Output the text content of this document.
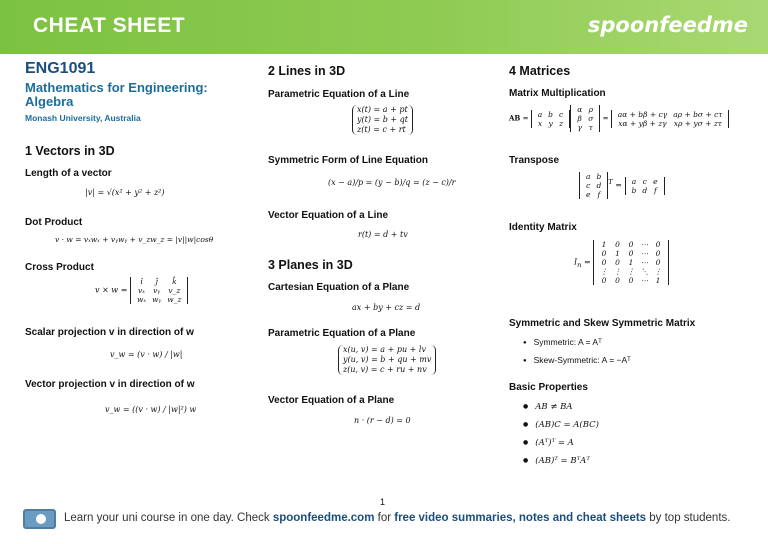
CHEAT SHEET	spoonfeedme
ENG1091
Mathematics for Engineering: Algebra
Monash University, Australia
1 Vectors in 3D
Length of a vector
|v| = √(x² + y² + z²)
Dot Product
v · w = vₓwₓ + vᵧwᵧ + v_zw_z = |v||w|cosθ
Cross Product
v × w =
î	ĵ	k̂
vₓ	vᵧ	v_z
wₓ	wᵧ	w_z
Scalar projection v in direction of w
v_w = (v · w) / |w|
Vector projection v in direction of w
v_w = ((v · w) / |w|²) w
2 Lines in 3D
Parametric Equation of a Line
x(t) = a + pt
y(t) = b + qt
z(t) = c + rt
Symmetric Form of Line Equation
(x − a)/p = (y − b)/q = (z − c)/r
Vector Equation of a Line
r(t) = d + tv
3 Planes in 3D
Cartesian Equation of a Plane
ax + by + cz = d
Parametric Equation of a Plane
x(u, v) = a + pu + lv
y(u, v) = b + qu + mv
z(u, v) = c + ru + nv
Vector Equation of a Plane
n · (r − d) = 0
4 Matrices
Matrix Multiplication
AB = a	b	c
x	y	z
α	ρ
β	σ
γ	τ
= aα + bβ + cγ	aρ + bσ + cτ
xα + yβ + zγ	xρ + yσ + zτ
Transpose
a	b
c	d
e	f
$^T$ = a	c	e
b	d	f
Identity Matrix
$I_n$ =
1	0	0	⋯	0
0	1	0	⋯	0
0	0	1	⋯	0
⋮	⋮	⋮	⋱	⋮
0	0	0	⋯	1
Symmetric and Skew Symmetric Matrix
● Symmetric: A = Aᵀ
● Skew-Symmetric: A = −Aᵀ
Basic Properties
● AB ≠ BA
● (AB)C = A(BC)
● (Aᵀ)ᵀ = A
● (AB)ᵀ = BᵀAᵀ
1
Learn your uni course in one day. Check spoonfeedme.com for free video summaries, notes and cheat sheets by top students.
